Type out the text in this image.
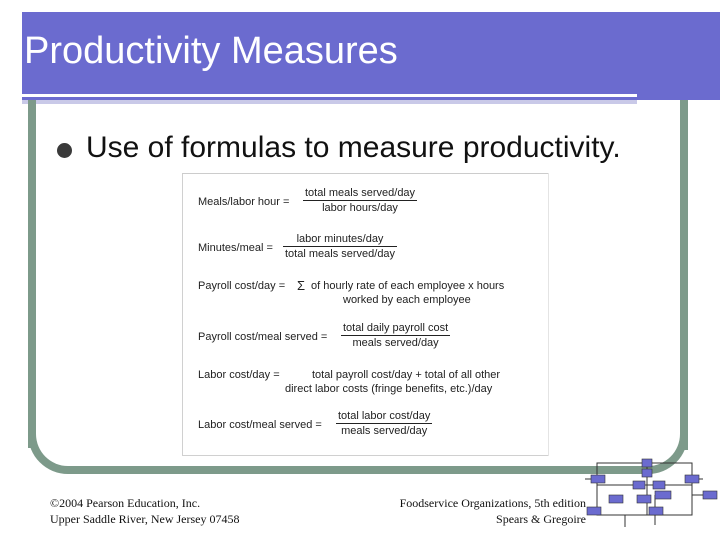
Productivity Measures
Use of formulas to measure productivity.
Meals/labor hour =
total meals served/day
labor hours/day
Minutes/meal =
labor minutes/day
total meals served/day
Payroll cost/day = Σ of hourly rate of each employee x hours
worked by each employee
Payroll cost/meal served =
total daily payroll cost
meals served/day
Labor cost/day =	total payroll cost/day + total of all other
direct labor costs (fringe benefits, etc.)/day
Labor cost/meal served =
total labor cost/day
meals served/day
©2004 Pearson Education, Inc.
Upper Saddle River, New Jersey 07458
Foodservice Organizations, 5th edition
Spears & Gregoire
